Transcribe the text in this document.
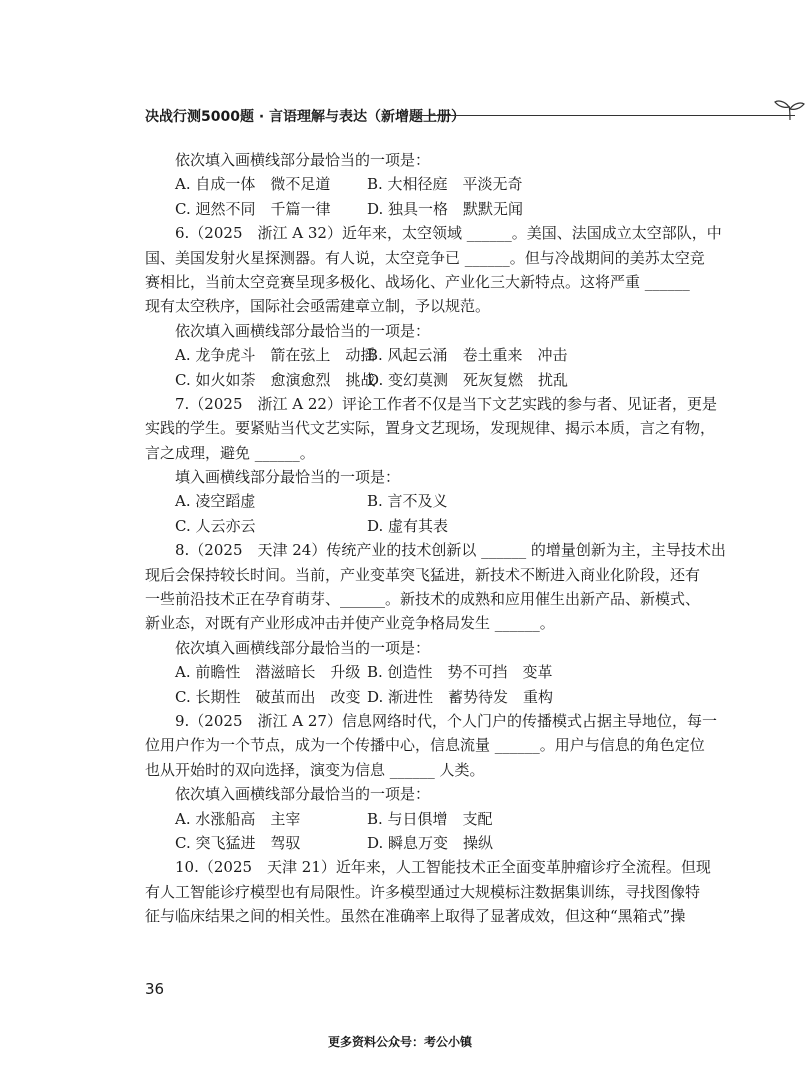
决战行测5000题 · 言语理解与表达（新增题上册）
依次填入画横线部分最恰当的一项是：
A. 自成一体　微不足道	B. 大相径庭　平淡无奇
C. 迥然不同　千篇一律	D. 独具一格　默默无闻
6.（2025　浙江 A 32）近年来，太空领域 ______。美国、法国成立太空部队，中
国、美国发射火星探测器。有人说，太空竞争已 ______。但与冷战期间的美苏太空竞
赛相比，当前太空竞赛呈现多极化、战场化、产业化三大新特点。这将严重 ______
现有太空秩序，国际社会亟需建章立制，予以规范。
依次填入画横线部分最恰当的一项是：
A. 龙争虎斗　箭在弦上　动摇
B. 风起云涌　卷土重来　冲击
C. 如火如荼　愈演愈烈　挑战
D. 变幻莫测　死灰复燃　扰乱
7.（2025　浙江 A 22）评论工作者不仅是当下文艺实践的参与者、见证者，更是
实践的学生。要紧贴当代文艺实际，置身文艺现场，发现规律、揭示本质，言之有物，
言之成理，避免 ______。
填入画横线部分最恰当的一项是：
A. 凌空蹈虚	B. 言不及义
C. 人云亦云	D. 虚有其表
8.（2025　天津 24）传统产业的技术创新以 ______ 的增量创新为主，主导技术出
现后会保持较长时间。当前，产业变革突飞猛进，新技术不断进入商业化阶段，还有
一些前沿技术正在孕育萌芽、______。新技术的成熟和应用催生出新产品、新模式、
新业态，对既有产业形成冲击并使产业竞争格局发生 ______。
依次填入画横线部分最恰当的一项是：
A. 前瞻性　潜滋暗长　升级 B. 创造性　势不可挡　变革
C. 长期性　破茧而出　改变 D. 渐进性　蓄势待发　重构
9.（2025　浙江 A 27）信息网络时代，个人门户的传播模式占据主导地位，每一
位用户作为一个节点，成为一个传播中心，信息流量 ______。用户与信息的角色定位
也从开始时的双向选择，演变为信息 ______ 人类。
依次填入画横线部分最恰当的一项是：
A. 水涨船高　主宰	B. 与日俱增　支配
C. 突飞猛进　驾驭	D. 瞬息万变　操纵
10.（2025　天津 21）近年来，人工智能技术正全面变革肿瘤诊疗全流程。但现
有人工智能诊疗模型也有局限性。许多模型通过大规模标注数据集训练，寻找图像特
征与临床结果之间的相关性。虽然在准确率上取得了显著成效，但这种“黑箱式”操
36
更多资料公众号：考公小镇
